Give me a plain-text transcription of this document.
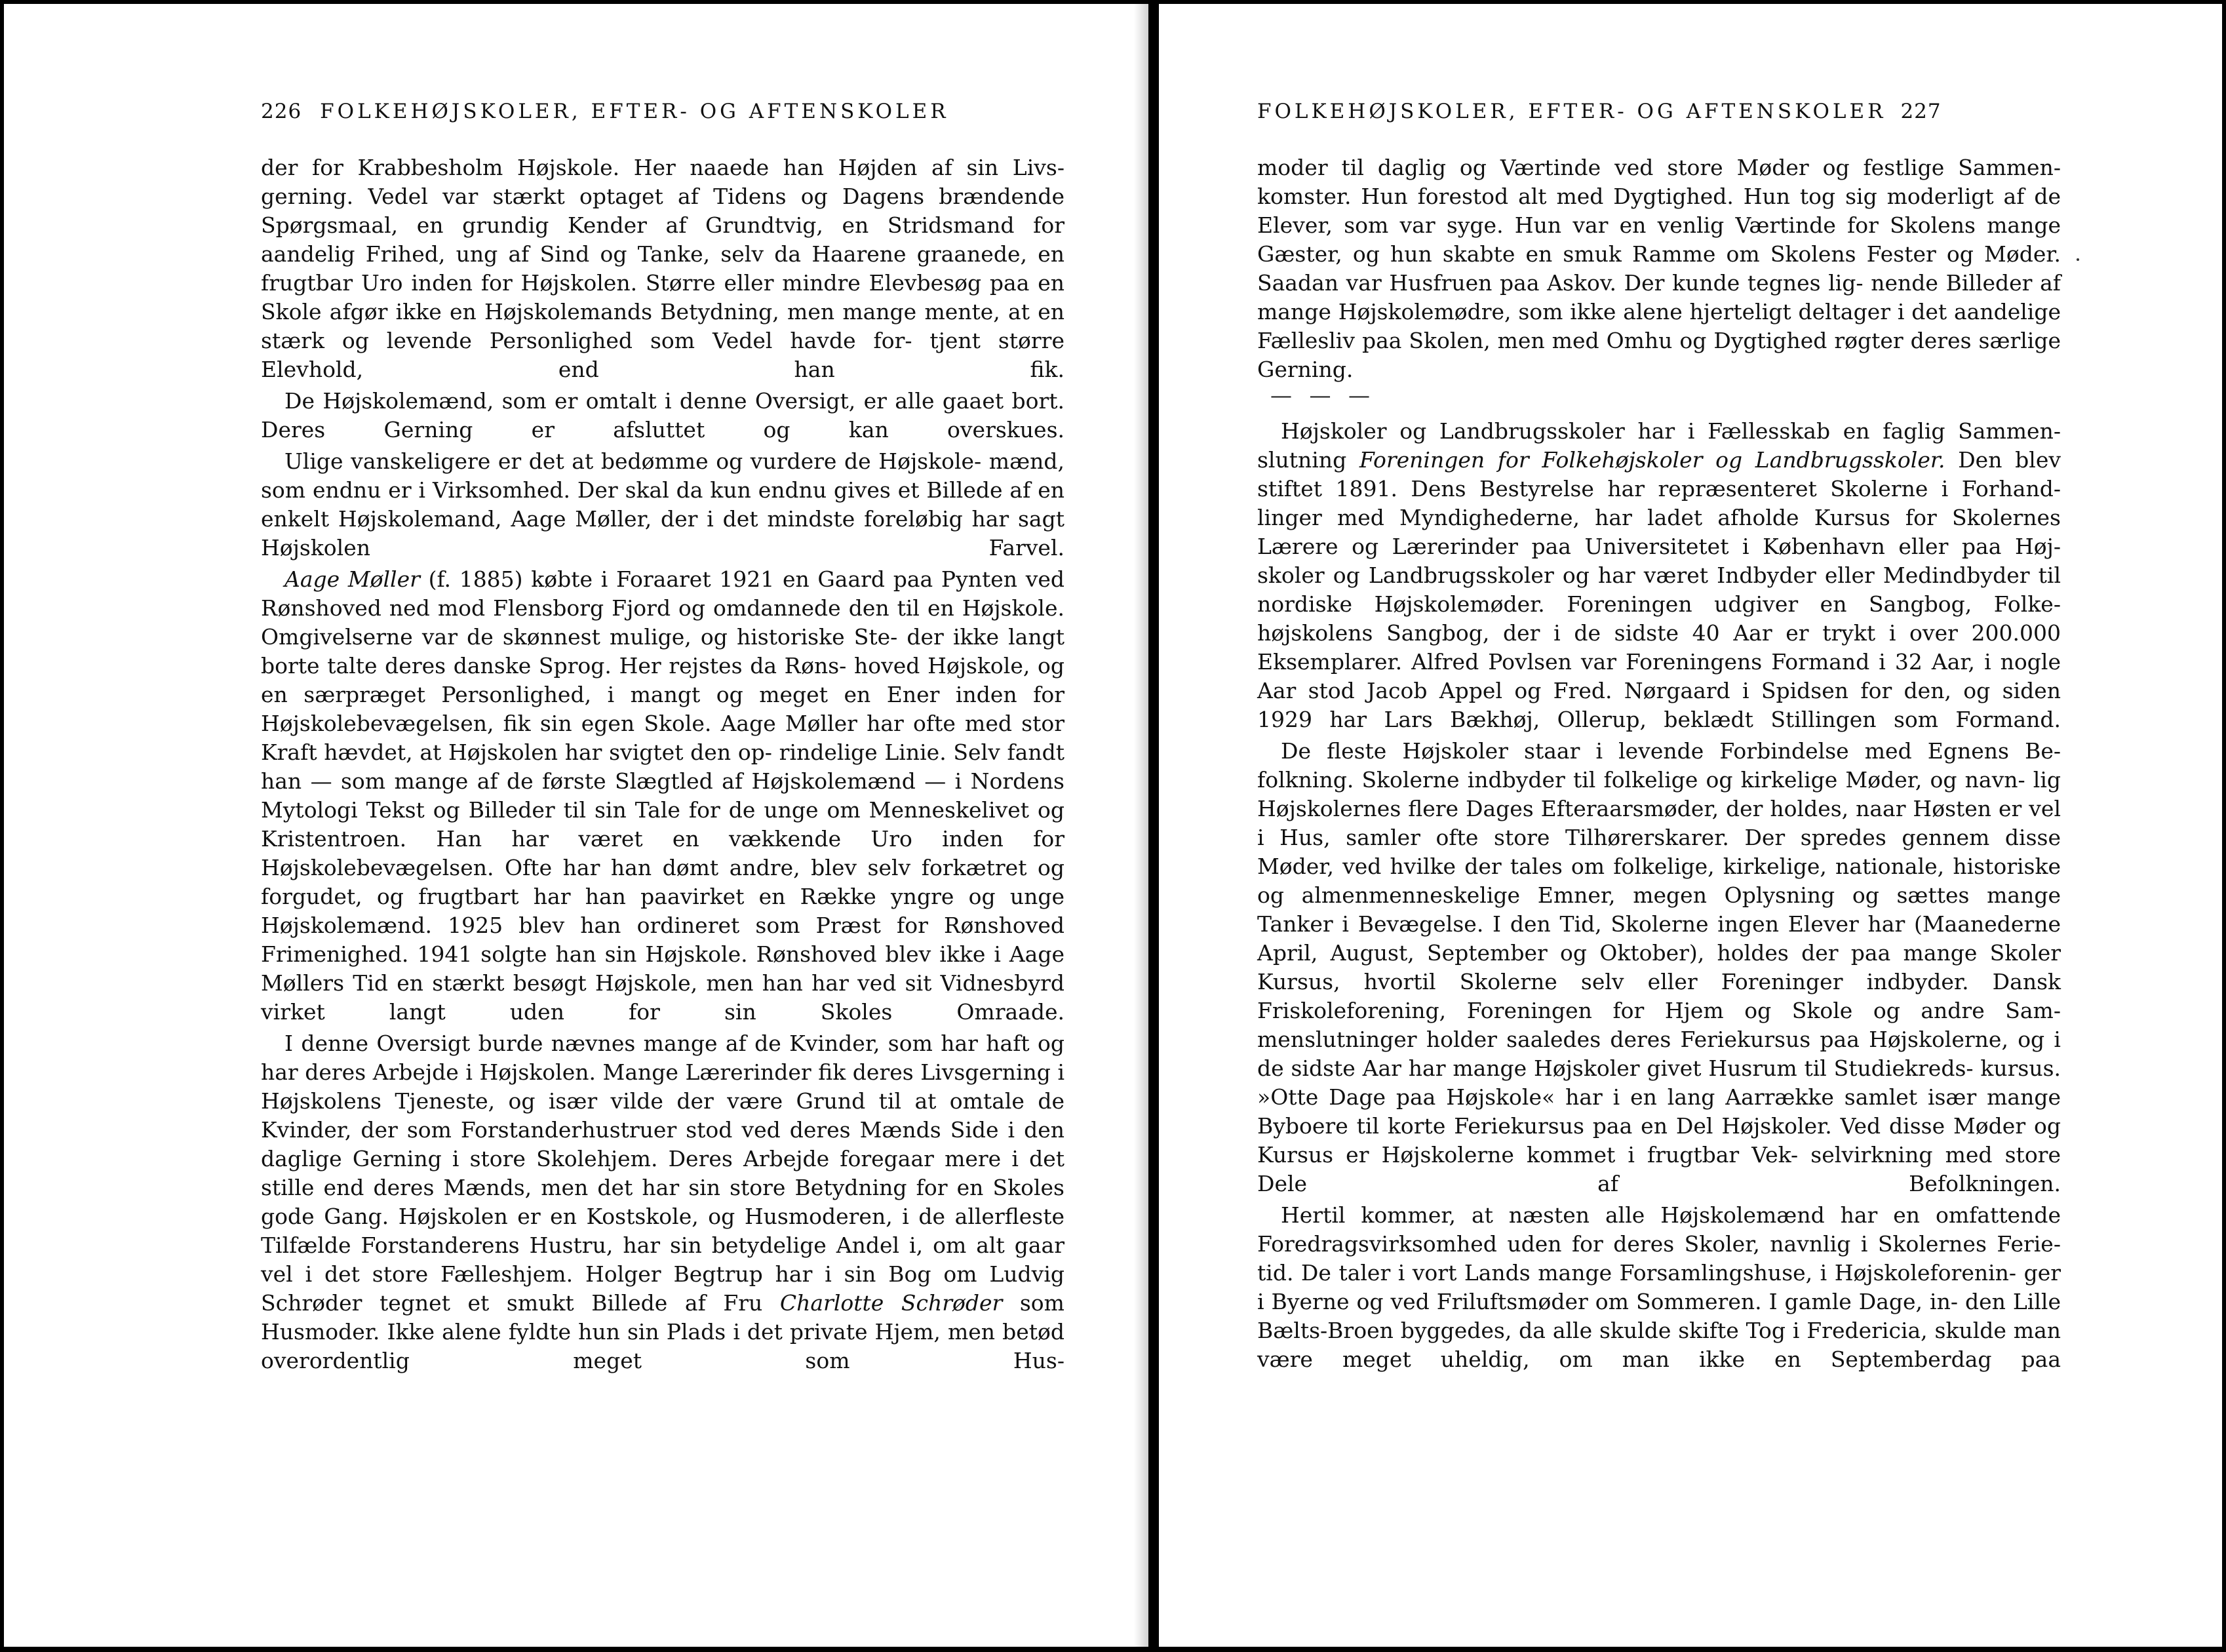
226 FOLKEHØJSKOLER, EFTER- OG AFTENSKOLER

der for Krabbesholm Højskole. Her naaede han Højden af sin Livs- gerning. Vedel var stærkt optaget af Tidens og Dagens brændende Spørgsmaal, en grundig Kender af Grundtvig, en Stridsmand for aandelig Frihed, ung af Sind og Tanke, selv da Haarene graanede, en frugtbar Uro inden for Højskolen. Større eller mindre Elevbesøg paa en Skole afgør ikke en Højskolemands Betydning, men mange mente, at en stærk og levende Personlighed som Vedel havde for- tjent større Elevhold, end han fik.

De Højskolemænd, som er omtalt i denne Oversigt, er alle gaaet bort. Deres Gerning er afsluttet og kan overskues.

Ulige vanskeligere er det at bedømme og vurdere de Højskole- mænd, som endnu er i Virksomhed. Der skal da kun endnu gives et Billede af en enkelt Højskolemand, Aage Møller, der i det mindste foreløbig har sagt Højskolen Farvel.

Aage Møller (f. 1885) købte i Foraaret 1921 en Gaard paa Pynten ved Rønshoved ned mod Flensborg Fjord og omdannede den til en Højskole. Omgivelserne var de skønnest mulige, og historiske Ste- der ikke langt borte talte deres danske Sprog. Her rejstes da Røns- hoved Højskole, og en særpræget Personlighed, i mangt og meget en Ener inden for Højskolebevægelsen, fik sin egen Skole. Aage Møller har ofte med stor Kraft hævdet, at Højskolen har svigtet den op- rindelige Linie. Selv fandt han — som mange af de første Slægtled af Højskolemænd — i Nordens Mytologi Tekst og Billeder til sin Tale for de unge om Menneskelivet og Kristentroen. Han har været en vækkende Uro inden for Højskolebevægelsen. Ofte har han dømt andre, blev selv forkætret og forgudet, og frugtbart har han paavirket en Række yngre og unge Højskolemænd. 1925 blev han ordineret som Præst for Rønshoved Frimenighed. 1941 solgte han sin Højskole. Rønshoved blev ikke i Aage Møllers Tid en stærkt besøgt Højskole, men han har ved sit Vidnesbyrd virket langt uden for sin Skoles Omraade.

I denne Oversigt burde nævnes mange af de Kvinder, som har haft og har deres Arbejde i Højskolen. Mange Lærerinder fik deres Livsgerning i Højskolens Tjeneste, og især vilde der være Grund til at omtale de Kvinder, der som Forstanderhustruer stod ved deres Mænds Side i den daglige Gerning i store Skolehjem. Deres Arbejde foregaar mere i det stille end deres Mænds, men det har sin store Betydning for en Skoles gode Gang. Højskolen er en Kostskole, og Husmoderen, i de allerfleste Tilfælde Forstanderens Hustru, har sin betydelige Andel i, om alt gaar vel i det store Fælleshjem. Holger Begtrup har i sin Bog om Ludvig Schrøder tegnet et smukt Billede af Fru Charlotte Schrøder som Husmoder. Ikke alene fyldte hun sin Plads i det private Hjem, men betød overordentlig meget som Hus-

FOLKEHØJSKOLER, EFTER- OG AFTENSKOLER 227

moder til daglig og Værtinde ved store Møder og festlige Sammen- komster. Hun forestod alt med Dygtighed. Hun tog sig moderligt af de Elever, som var syge. Hun var en venlig Værtinde for Skolens mange Gæster, og hun skabte en smuk Ramme om Skolens Fester og Møder. Saadan var Husfruen paa Askov. Der kunde tegnes lig- nende Billeder af mange Højskolemødre, som ikke alene hjerteligt deltager i det aandelige Fællesliv paa Skolen, men med Omhu og Dygtighed røgter deres særlige Gerning.

— — —

Højskoler og Landbrugsskoler har i Fællesskab en faglig Sammen- slutning Foreningen for Folkehøjskoler og Landbrugsskoler. Den blev stiftet 1891. Dens Bestyrelse har repræsenteret Skolerne i Forhand- linger med Myndighederne, har ladet afholde Kursus for Skolernes Lærere og Lærerinder paa Universitetet i København eller paa Høj- skoler og Landbrugsskoler og har været Indbyder eller Medindbyder til nordiske Højskolemøder. Foreningen udgiver en Sangbog, Folke- højskolens Sangbog, der i de sidste 40 Aar er trykt i over 200.000 Eksemplarer. Alfred Povlsen var Foreningens Formand i 32 Aar, i nogle Aar stod Jacob Appel og Fred. Nørgaard i Spidsen for den, og siden 1929 har Lars Bækhøj, Ollerup, beklædt Stillingen som Formand.

De fleste Højskoler staar i levende Forbindelse med Egnens Be- folkning. Skolerne indbyder til folkelige og kirkelige Møder, og navn- lig Højskolernes flere Dages Efteraarsmøder, der holdes, naar Høsten er vel i Hus, samler ofte store Tilhørerskarer. Der spredes gennem disse Møder, ved hvilke der tales om folkelige, kirkelige, nationale, historiske og almenmenneskelige Emner, megen Oplysning og sættes mange Tanker i Bevægelse. I den Tid, Skolerne ingen Elever har (Maanederne April, August, September og Oktober), holdes der paa mange Skoler Kursus, hvortil Skolerne selv eller Foreninger indbyder. Dansk Friskoleforening, Foreningen for Hjem og Skole og andre Sam- menslutninger holder saaledes deres Feriekursus paa Højskolerne, og i de sidste Aar har mange Højskoler givet Husrum til Studiekreds- kursus. »Otte Dage paa Højskole« har i en lang Aarrække samlet især mange Byboere til korte Feriekursus paa en Del Højskoler. Ved disse Møder og Kursus er Højskolerne kommet i frugtbar Vek- selvirkning med store Dele af Befolkningen.

Hertil kommer, at næsten alle Højskolemænd har en omfattende Foredragsvirksomhed uden for deres Skoler, navnlig i Skolernes Ferie- tid. De taler i vort Lands mange Forsamlingshuse, i Højskoleforenin- ger i Byerne og ved Friluftsmøder om Sommeren. I gamle Dage, in- den Lille Bælts-Broen byggedes, da alle skulde skifte Tog i Fredericia, skulde man være meget uheldig, om man ikke en Septemberdag paa
